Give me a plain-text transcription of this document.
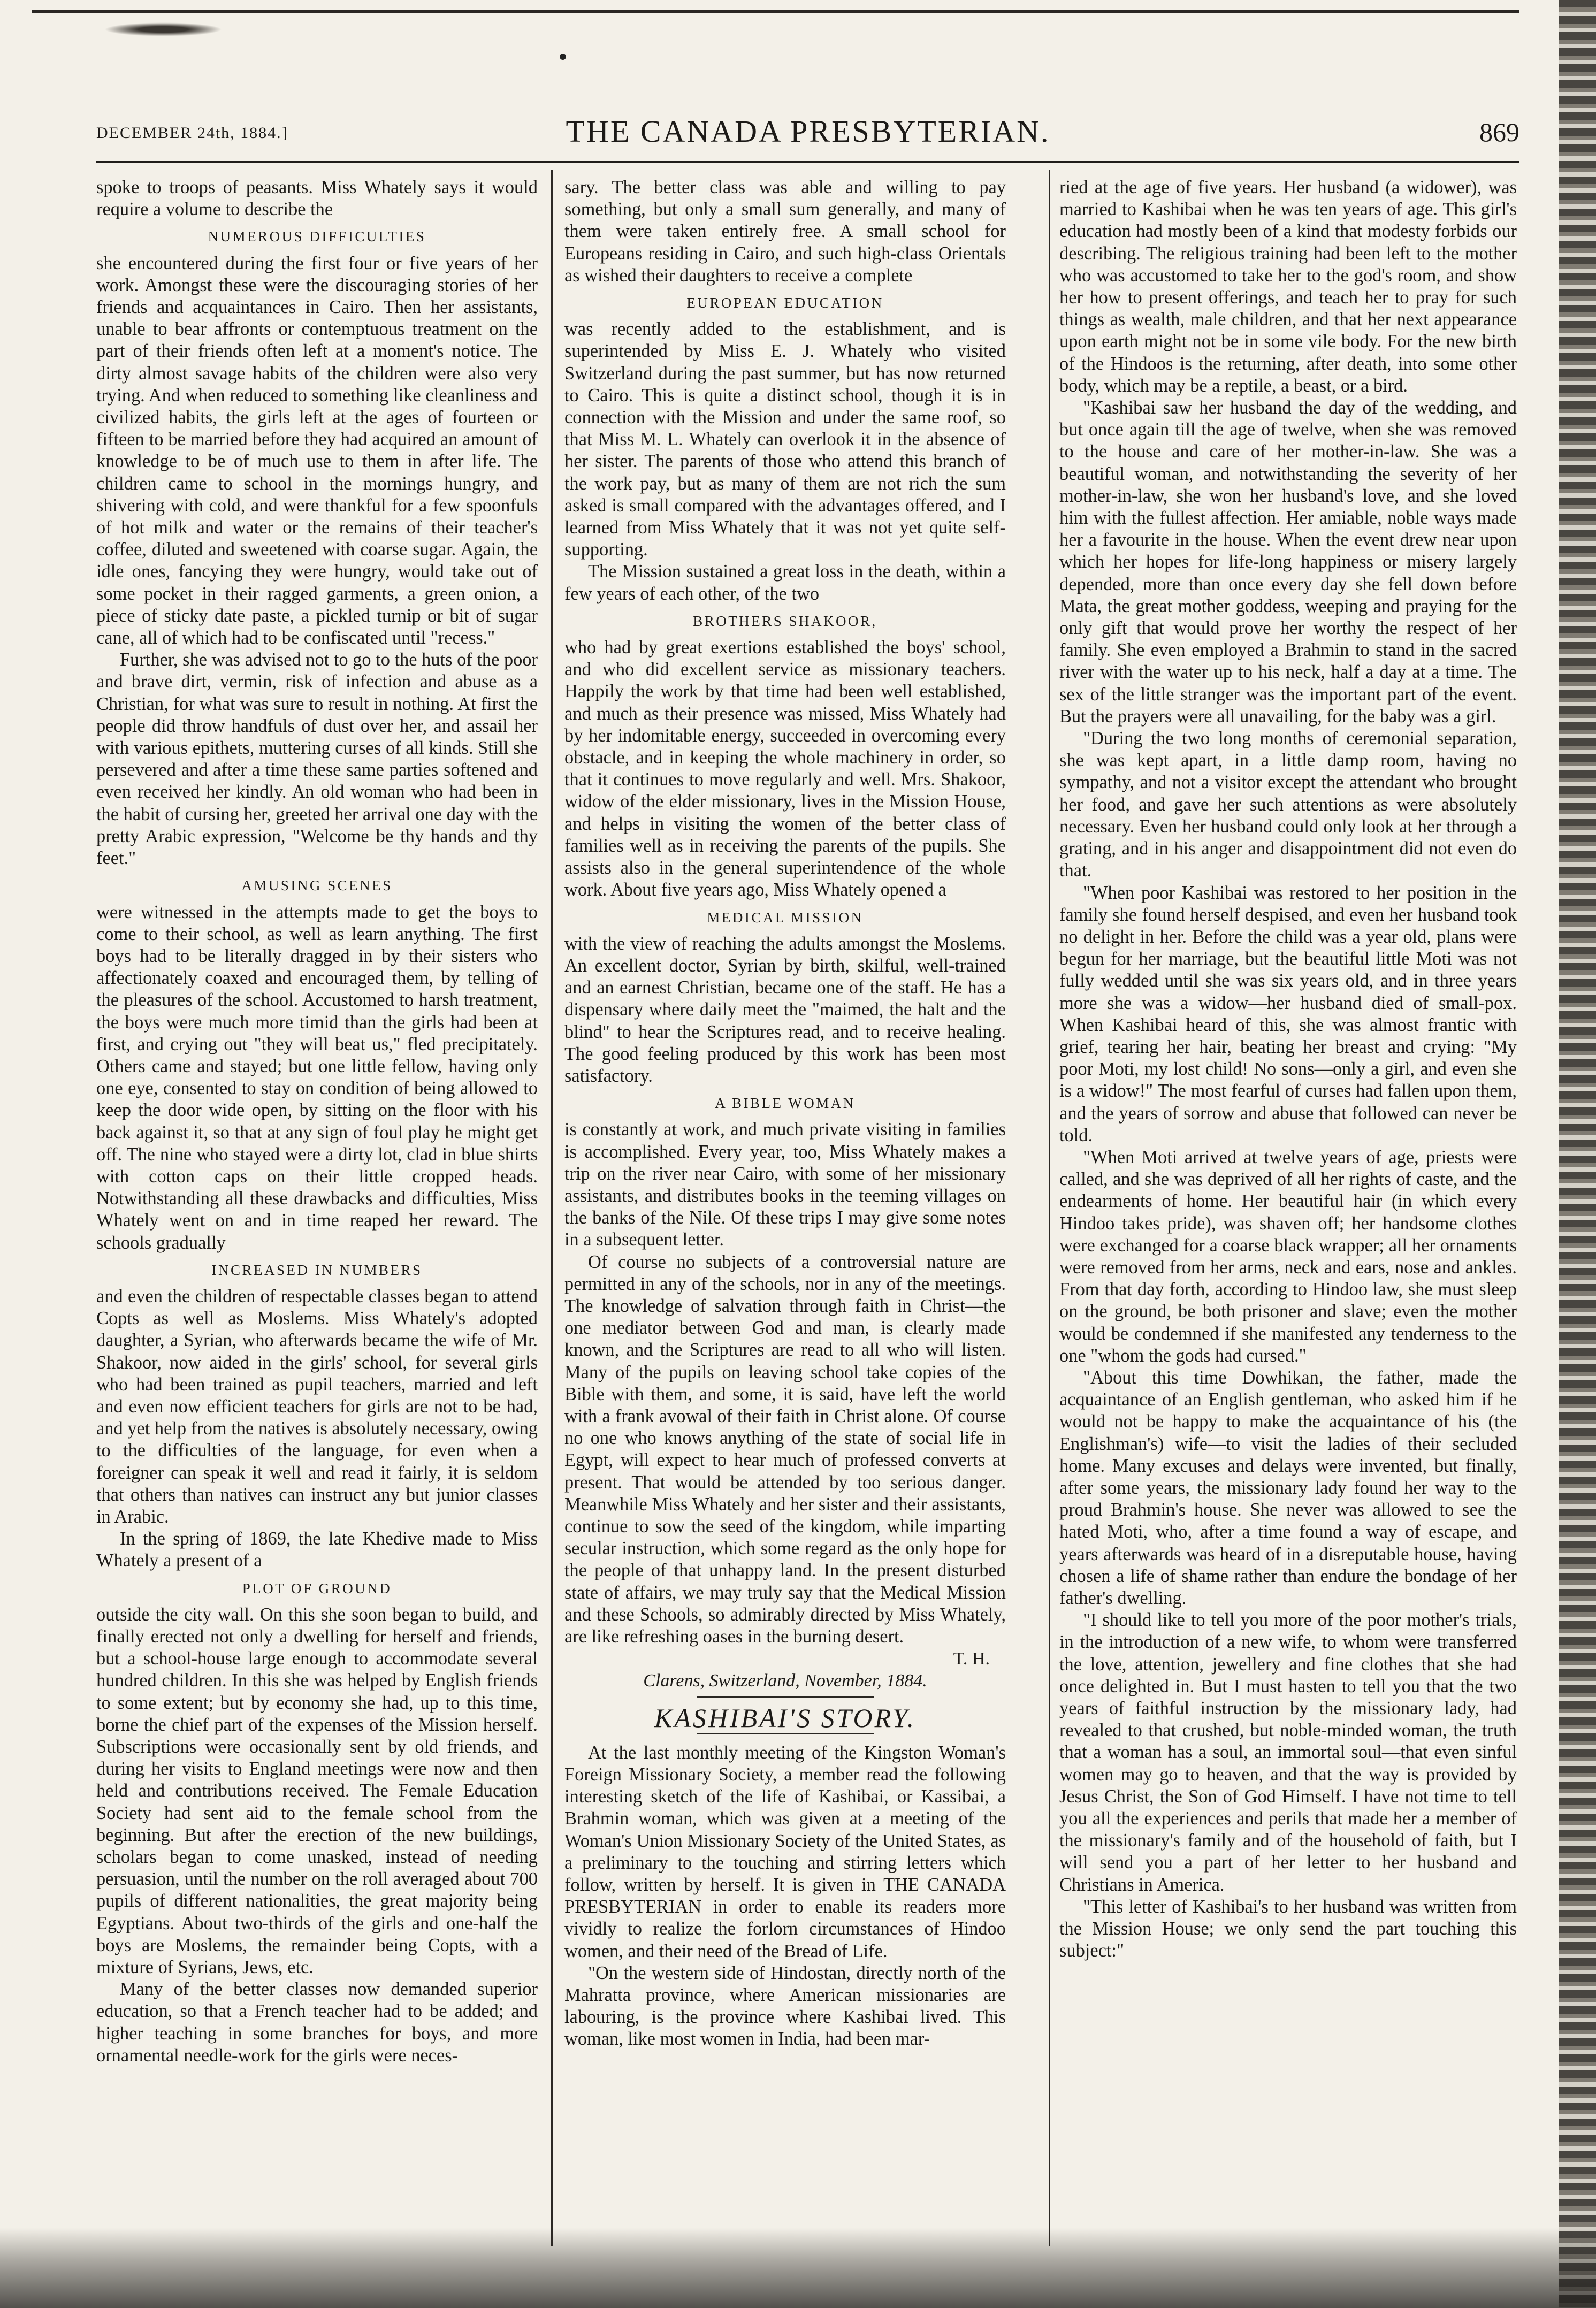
DECEMBER 24th, 1884.]	THE CANADA PRESBYTERIAN.	869

spoke to troops of peasants. Miss Whately says it would require a volume to describe the

NUMEROUS DIFFICULTIES

she encountered during the first four or five years of her work. Amongst these were the discouraging stories of her friends and acquaintances in Cairo. Then her assistants, unable to bear affronts or contemptuous treatment on the part of their friends often left at a moment's notice. The dirty almost savage habits of the children were also very trying. And when reduced to something like cleanliness and civilized habits, the girls left at the ages of fourteen or fifteen to be married before they had acquired an amount of knowledge to be of much use to them in after life. The children came to school in the mornings hungry, and shivering with cold, and were thankful for a few spoonfuls of hot milk and water or the remains of their teacher's coffee, diluted and sweetened with coarse sugar. Again, the idle ones, fancying they were hungry, would take out of some pocket in their ragged garments, a green onion, a piece of sticky date paste, a pickled turnip or bit of sugar cane, all of which had to be confiscated until "recess."

Further, she was advised not to go to the huts of the poor and brave dirt, vermin, risk of infection and abuse as a Christian, for what was sure to result in nothing. At first the people did throw handfuls of dust over her, and assail her with various epithets, muttering curses of all kinds. Still she persevered and after a time these same parties softened and even received her kindly. An old woman who had been in the habit of cursing her, greeted her arrival one day with the pretty Arabic expression, "Welcome be thy hands and thy feet."

AMUSING SCENES

were witnessed in the attempts made to get the boys to come to their school, as well as learn anything. The first boys had to be literally dragged in by their sisters who affectionately coaxed and encouraged them, by telling of the pleasures of the school. Accustomed to harsh treatment, the boys were much more timid than the girls had been at first, and crying out "they will beat us," fled precipitately. Others came and stayed; but one little fellow, having only one eye, consented to stay on condition of being allowed to keep the door wide open, by sitting on the floor with his back against it, so that at any sign of foul play he might get off. The nine who stayed were a dirty lot, clad in blue shirts with cotton caps on their little cropped heads. Notwithstanding all these drawbacks and difficulties, Miss Whately went on and in time reaped her reward. The schools gradually

INCREASED IN NUMBERS

and even the children of respectable classes began to attend Copts as well as Moslems. Miss Whately's adopted daughter, a Syrian, who afterwards became the wife of Mr. Shakoor, now aided in the girls' school, for several girls who had been trained as pupil teachers, married and left and even now efficient teachers for girls are not to be had, and yet help from the natives is absolutely necessary, owing to the difficulties of the language, for even when a foreigner can speak it well and read it fairly, it is seldom that others than natives can instruct any but junior classes in Arabic.

In the spring of 1869, the late Khedive made to Miss Whately a present of a

PLOT OF GROUND

outside the city wall. On this she soon began to build, and finally erected not only a dwelling for herself and friends, but a school-house large enough to accommodate several hundred children. In this she was helped by English friends to some extent; but by economy she had, up to this time, borne the chief part of the expenses of the Mission herself. Subscriptions were occasionally sent by old friends, and during her visits to England meetings were now and then held and contributions received. The Female Education Society had sent aid to the female school from the beginning. But after the erection of the new buildings, scholars began to come unasked, instead of needing persuasion, until the number on the roll averaged about 700 pupils of different nationalities, the great majority being Egyptians. About two-thirds of the girls and one-half the boys are Moslems, the remainder being Copts, with a mixture of Syrians, Jews, etc.

Many of the better classes now demanded superior education, so that a French teacher had to be added; and higher teaching in some branches for boys, and more ornamental needle-work for the girls were neces-

sary. The better class was able and willing to pay something, but only a small sum generally, and many of them were taken entirely free. A small school for Europeans residing in Cairo, and such high-class Orientals as wished their daughters to receive a complete

EUROPEAN EDUCATION

was recently added to the establishment, and is superintended by Miss E. J. Whately who visited Switzerland during the past summer, but has now returned to Cairo. This is quite a distinct school, though it is in connection with the Mission and under the same roof, so that Miss M. L. Whately can overlook it in the absence of her sister. The parents of those who attend this branch of the work pay, but as many of them are not rich the sum asked is small compared with the advantages offered, and I learned from Miss Whately that it was not yet quite self-supporting.

The Mission sustained a great loss in the death, within a few years of each other, of the two

BROTHERS SHAKOOR,

who had by great exertions established the boys' school, and who did excellent service as missionary teachers. Happily the work by that time had been well established, and much as their presence was missed, Miss Whately had by her indomitable energy, succeeded in overcoming every obstacle, and in keeping the whole machinery in order, so that it continues to move regularly and well. Mrs. Shakoor, widow of the elder missionary, lives in the Mission House, and helps in visiting the women of the better class of families well as in receiving the parents of the pupils. She assists also in the general superintendence of the whole work. About five years ago, Miss Whately opened a

MEDICAL MISSION

with the view of reaching the adults amongst the Moslems. An excellent doctor, Syrian by birth, skilful, well-trained and an earnest Christian, became one of the staff. He has a dispensary where daily meet the "maimed, the halt and the blind" to hear the Scriptures read, and to receive healing. The good feeling produced by this work has been most satisfactory.

A BIBLE WOMAN

is constantly at work, and much private visiting in families is accomplished. Every year, too, Miss Whately makes a trip on the river near Cairo, with some of her missionary assistants, and distributes books in the teeming villages on the banks of the Nile. Of these trips I may give some notes in a subsequent letter.

Of course no subjects of a controversial nature are permitted in any of the schools, nor in any of the meetings. The knowledge of salvation through faith in Christ—the one mediator between God and man, is clearly made known, and the Scriptures are read to all who will listen. Many of the pupils on leaving school take copies of the Bible with them, and some, it is said, have left the world with a frank avowal of their faith in Christ alone. Of course no one who knows anything of the state of social life in Egypt, will expect to hear much of professed converts at present. That would be attended by too serious danger. Meanwhile Miss Whately and her sister and their assistants, continue to sow the seed of the kingdom, while imparting secular instruction, which some regard as the only hope for the people of that unhappy land. In the present disturbed state of affairs, we may truly say that the Medical Mission and these Schools, so admirably directed by Miss Whately, are like refreshing oases in the burning desert.

T. H.
Clarens, Switzerland, November, 1884.
KASHIBAI'S STORY.

At the last monthly meeting of the Kingston Woman's Foreign Missionary Society, a member read the following interesting sketch of the life of Kashibai, or Kassibai, a Brahmin woman, which was given at a meeting of the Woman's Union Missionary Society of the United States, as a preliminary to the touching and stirring letters which follow, written by herself. It is given in THE CANADA PRESBYTERIAN in order to enable its readers more vividly to realize the forlorn circumstances of Hindoo women, and their need of the Bread of Life.

"On the western side of Hindostan, directly north of the Mahratta province, where American missionaries are labouring, is the province where Kashibai lived. This woman, like most women in India, had been mar-

ried at the age of five years. Her husband (a widower), was married to Kashibai when he was ten years of age. This girl's education had mostly been of a kind that modesty forbids our describing. The religious training had been left to the mother who was accustomed to take her to the god's room, and show her how to present offerings, and teach her to pray for such things as wealth, male children, and that her next appearance upon earth might not be in some vile body. For the new birth of the Hindoos is the returning, after death, into some other body, which may be a reptile, a beast, or a bird.

"Kashibai saw her husband the day of the wedding, and but once again till the age of twelve, when she was removed to the house and care of her mother-in-law. She was a beautiful woman, and notwithstanding the severity of her mother-in-law, she won her husband's love, and she loved him with the fullest affection. Her amiable, noble ways made her a favourite in the house. When the event drew near upon which her hopes for life-long happiness or misery largely depended, more than once every day she fell down before Mata, the great mother goddess, weeping and praying for the only gift that would prove her worthy the respect of her family. She even employed a Brahmin to stand in the sacred river with the water up to his neck, half a day at a time. The sex of the little stranger was the important part of the event. But the prayers were all unavailing, for the baby was a girl.

"During the two long months of ceremonial separation, she was kept apart, in a little damp room, having no sympathy, and not a visitor except the attendant who brought her food, and gave her such attentions as were absolutely necessary. Even her husband could only look at her through a grating, and in his anger and disappointment did not even do that.

"When poor Kashibai was restored to her position in the family she found herself despised, and even her husband took no delight in her. Before the child was a year old, plans were begun for her marriage, but the beautiful little Moti was not fully wedded until she was six years old, and in three years more she was a widow—her husband died of small-pox. When Kashibai heard of this, she was almost frantic with grief, tearing her hair, beating her breast and crying: "My poor Moti, my lost child! No sons—only a girl, and even she is a widow!" The most fearful of curses had fallen upon them, and the years of sorrow and abuse that followed can never be told.

"When Moti arrived at twelve years of age, priests were called, and she was deprived of all her rights of caste, and the endearments of home. Her beautiful hair (in which every Hindoo takes pride), was shaven off; her handsome clothes were exchanged for a coarse black wrapper; all her ornaments were removed from her arms, neck and ears, nose and ankles. From that day forth, according to Hindoo law, she must sleep on the ground, be both prisoner and slave; even the mother would be condemned if she manifested any tenderness to the one "whom the gods had cursed."

"About this time Dowhikan, the father, made the acquaintance of an English gentleman, who asked him if he would not be happy to make the acquaintance of his (the Englishman's) wife—to visit the ladies of their secluded home. Many excuses and delays were invented, but finally, after some years, the missionary lady found her way to the proud Brahmin's house. She never was allowed to see the hated Moti, who, after a time found a way of escape, and years afterwards was heard of in a disreputable house, having chosen a life of shame rather than endure the bondage of her father's dwelling.

"I should like to tell you more of the poor mother's trials, in the introduction of a new wife, to whom were transferred the love, attention, jewellery and fine clothes that she had once delighted in. But I must hasten to tell you that the two years of faithful instruction by the missionary lady, had revealed to that crushed, but noble-minded woman, the truth that a woman has a soul, an immortal soul—that even sinful women may go to heaven, and that the way is provided by Jesus Christ, the Son of God Himself. I have not time to tell you all the experiences and perils that made her a member of the missionary's family and of the household of faith, but I will send you a part of her letter to her husband and Christians in America.

"This letter of Kashibai's to her husband was written from the Mission House; we only send the part touching this subject:"
